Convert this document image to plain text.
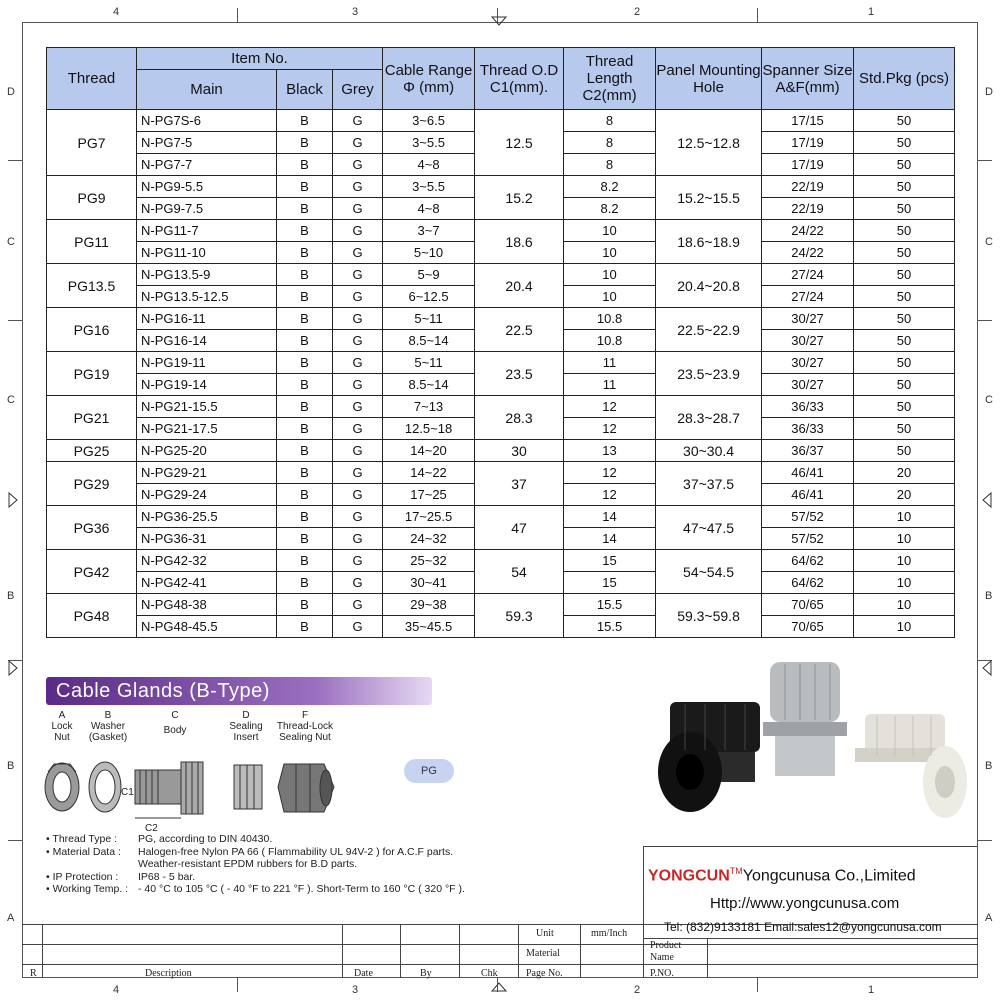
4	3	2	1
4	3	2	1
D
C
C
B
B
A
D
C
C
B
B
A
Thread	Item No.			Cable Range Φ (mm)	Thread O.D C1(mm).	Thread Length C2(mm)	Panel Mounting Hole	Spanner Size A&F(mm)	Std.Pkg (pcs)
	Main	Black	Grey						
PG7	N-PG7S-6	B	G	3~6.5	12.5	8	12.5~12.8	17/15	50
	N-PG7-5	B	G	3~5.5		8		17/19	50
	N-PG7-7	B	G	4~8		8		17/19	50
PG9	N-PG9-5.5	B	G	3~5.5	15.2	8.2	15.2~15.5	22/19	50
	N-PG9-7.5	B	G	4~8		8.2		22/19	50
PG11	N-PG11-7	B	G	3~7	18.6	10	18.6~18.9	24/22	50
	N-PG11-10	B	G	5~10		10		24/22	50
PG13.5	N-PG13.5-9	B	G	5~9	20.4	10	20.4~20.8	27/24	50
	N-PG13.5-12.5	B	G	6~12.5		10		27/24	50
PG16	N-PG16-11	B	G	5~11	22.5	10.8	22.5~22.9	30/27	50
	N-PG16-14	B	G	8.5~14		10.8		30/27	50
PG19	N-PG19-11	B	G	5~11	23.5	11	23.5~23.9	30/27	50
	N-PG19-14	B	G	8.5~14		11		30/27	50
PG21	N-PG21-15.5	B	G	7~13	28.3	12	28.3~28.7	36/33	50
	N-PG21-17.5	B	G	12.5~18		12		36/33	50
PG25	N-PG25-20	B	G	14~20	30	13	30~30.4	36/37	50
PG29	N-PG29-21	B	G	14~22	37	12	37~37.5	46/41	20
	N-PG29-24	B	G	17~25		12		46/41	20
PG36	N-PG36-25.5	B	G	17~25.5	47	14	47~47.5	57/52	10
	N-PG36-31	B	G	24~32		14		57/52	10
PG42	N-PG42-32	B	G	25~32	54	15	54~54.5	64/62	10
	N-PG42-41	B	G	30~41		15		64/62	10
PG48	N-PG48-38	B	G	29~38	59.3	15.5	59.3~59.8	70/65	10
	N-PG48-45.5	B	G	35~45.5		15.5		70/65	10
Cable Glands (B-Type)
A
Lock Nut
B
Washer (Gasket)
C
Body
D
Sealing Insert
F
Thread-Lock Sealing Nut
C1
C2
PG
• Thread Type :	PG, according to DIN 40430.
• Material Data :	Halogen-free Nylon PA 66 ( Flammability UL 94V-2 ) for A.C.F parts.
Weather-resistant EPDM rubbers for B.D parts.
• IP Protection :	IP68 - 5 bar.
• Working Temp. : - 40 °C to 105 °C ( - 40 °F to 221 °F ). Short-Term to 160 °C ( 320 °F ).
YONGCUN™Yongcunusa Co.,Limited
Http://www.yongcunusa.com
Tel: (832)9133181 Email:sales12@yongcunusa.com
Unit	mm/Inch
Material
Product Name
Page No.	P.NO.
R	Description	Date	By	Chk
